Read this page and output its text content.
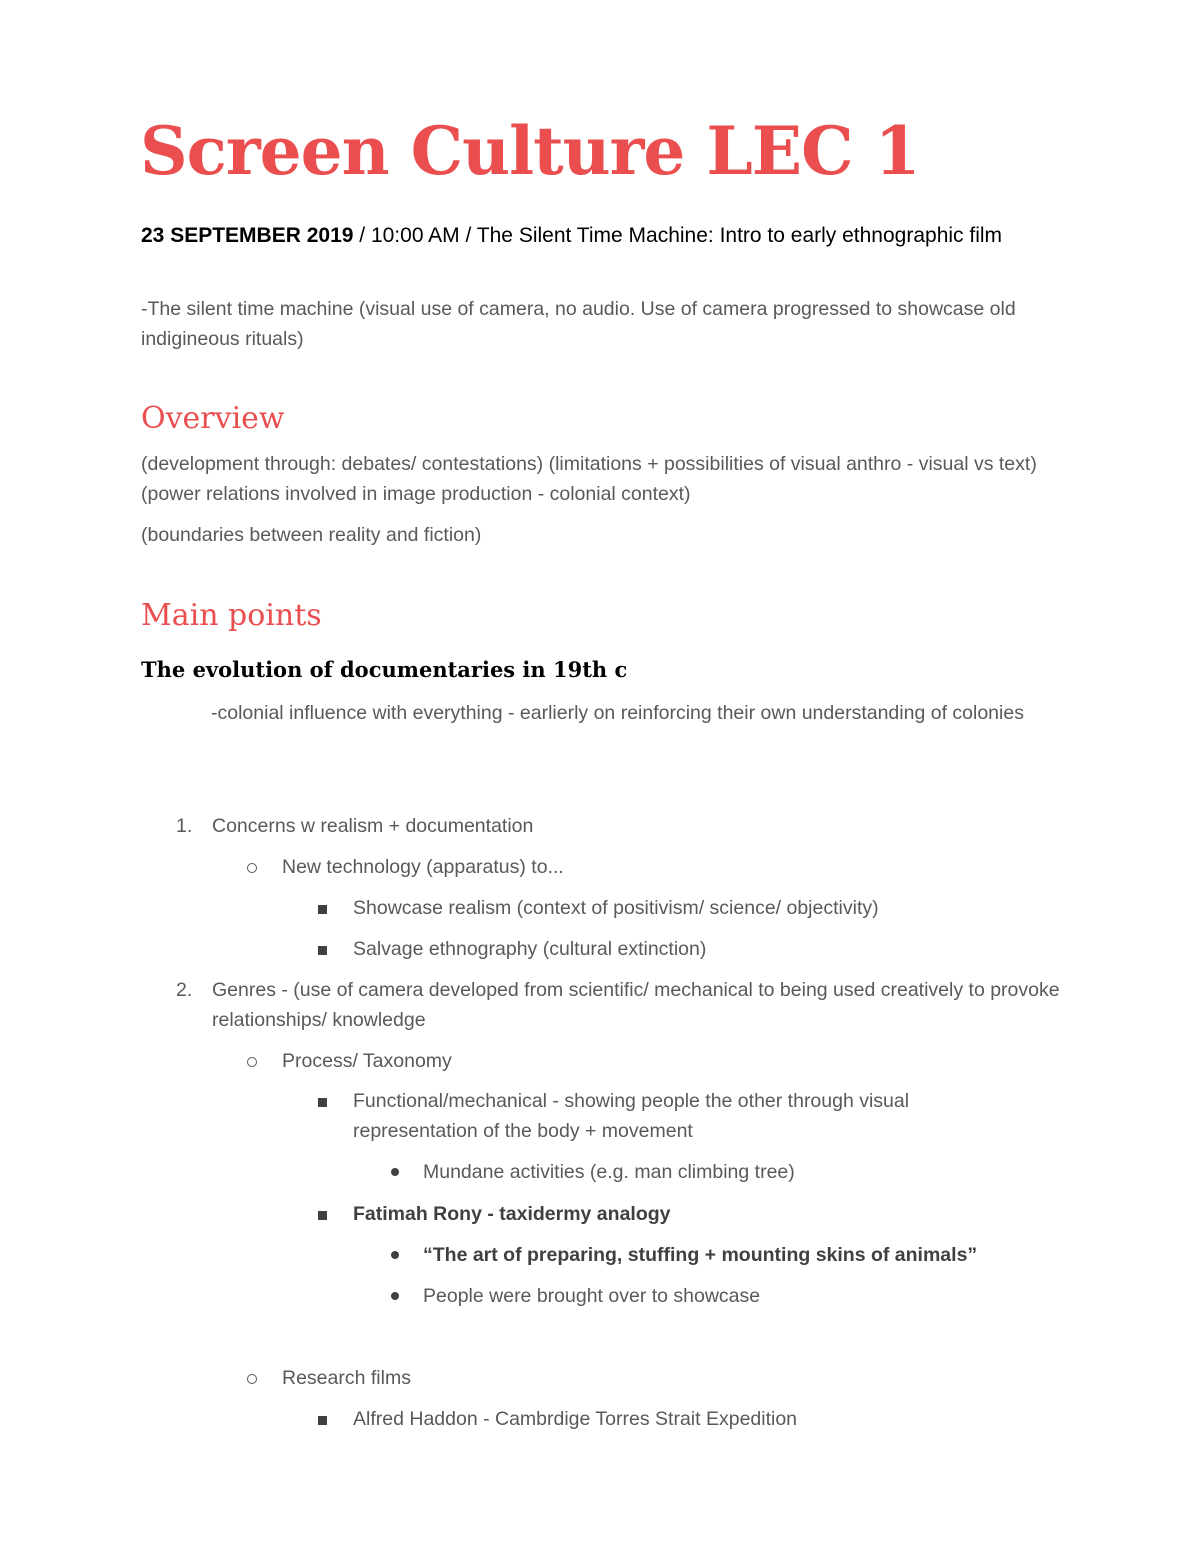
Screen Culture LEC 1

23 SEPTEMBER 2019 / 10:00 AM / The Silent Time Machine: Intro to early ethnographic film

-The silent time machine (visual use of camera, no audio. Use of camera progressed to showcase old indigineous rituals)

Overview

(development through: debates/ contestations) (limitations + possibilities of visual anthro - visual vs text) (power relations involved in image production - colonial context)

(boundaries between reality and fiction)

Main points
The evolution of documentaries in 19th c

-colonial influence with everything - earlierly on reinforcing their own understanding of colonies

1. Concerns w realism + documentation

New technology (apparatus) to...

Showcase realism (context of positivism/ science/ objectivity)

Salvage ethnography (cultural extinction)

2. Genres - (use of camera developed from scientific/ mechanical to being used creatively to provoke relationships/ knowledge

Process/ Taxonomy

Functional/mechanical - showing people the other through visual representation of the body + movement

Mundane activities (e.g. man climbing tree)

Fatimah Rony - taxidermy analogy

“The art of preparing, stuffing + mounting skins of animals”

People were brought over to showcase

Research films

Alfred Haddon - Cambrdige Torres Strait Expedition
